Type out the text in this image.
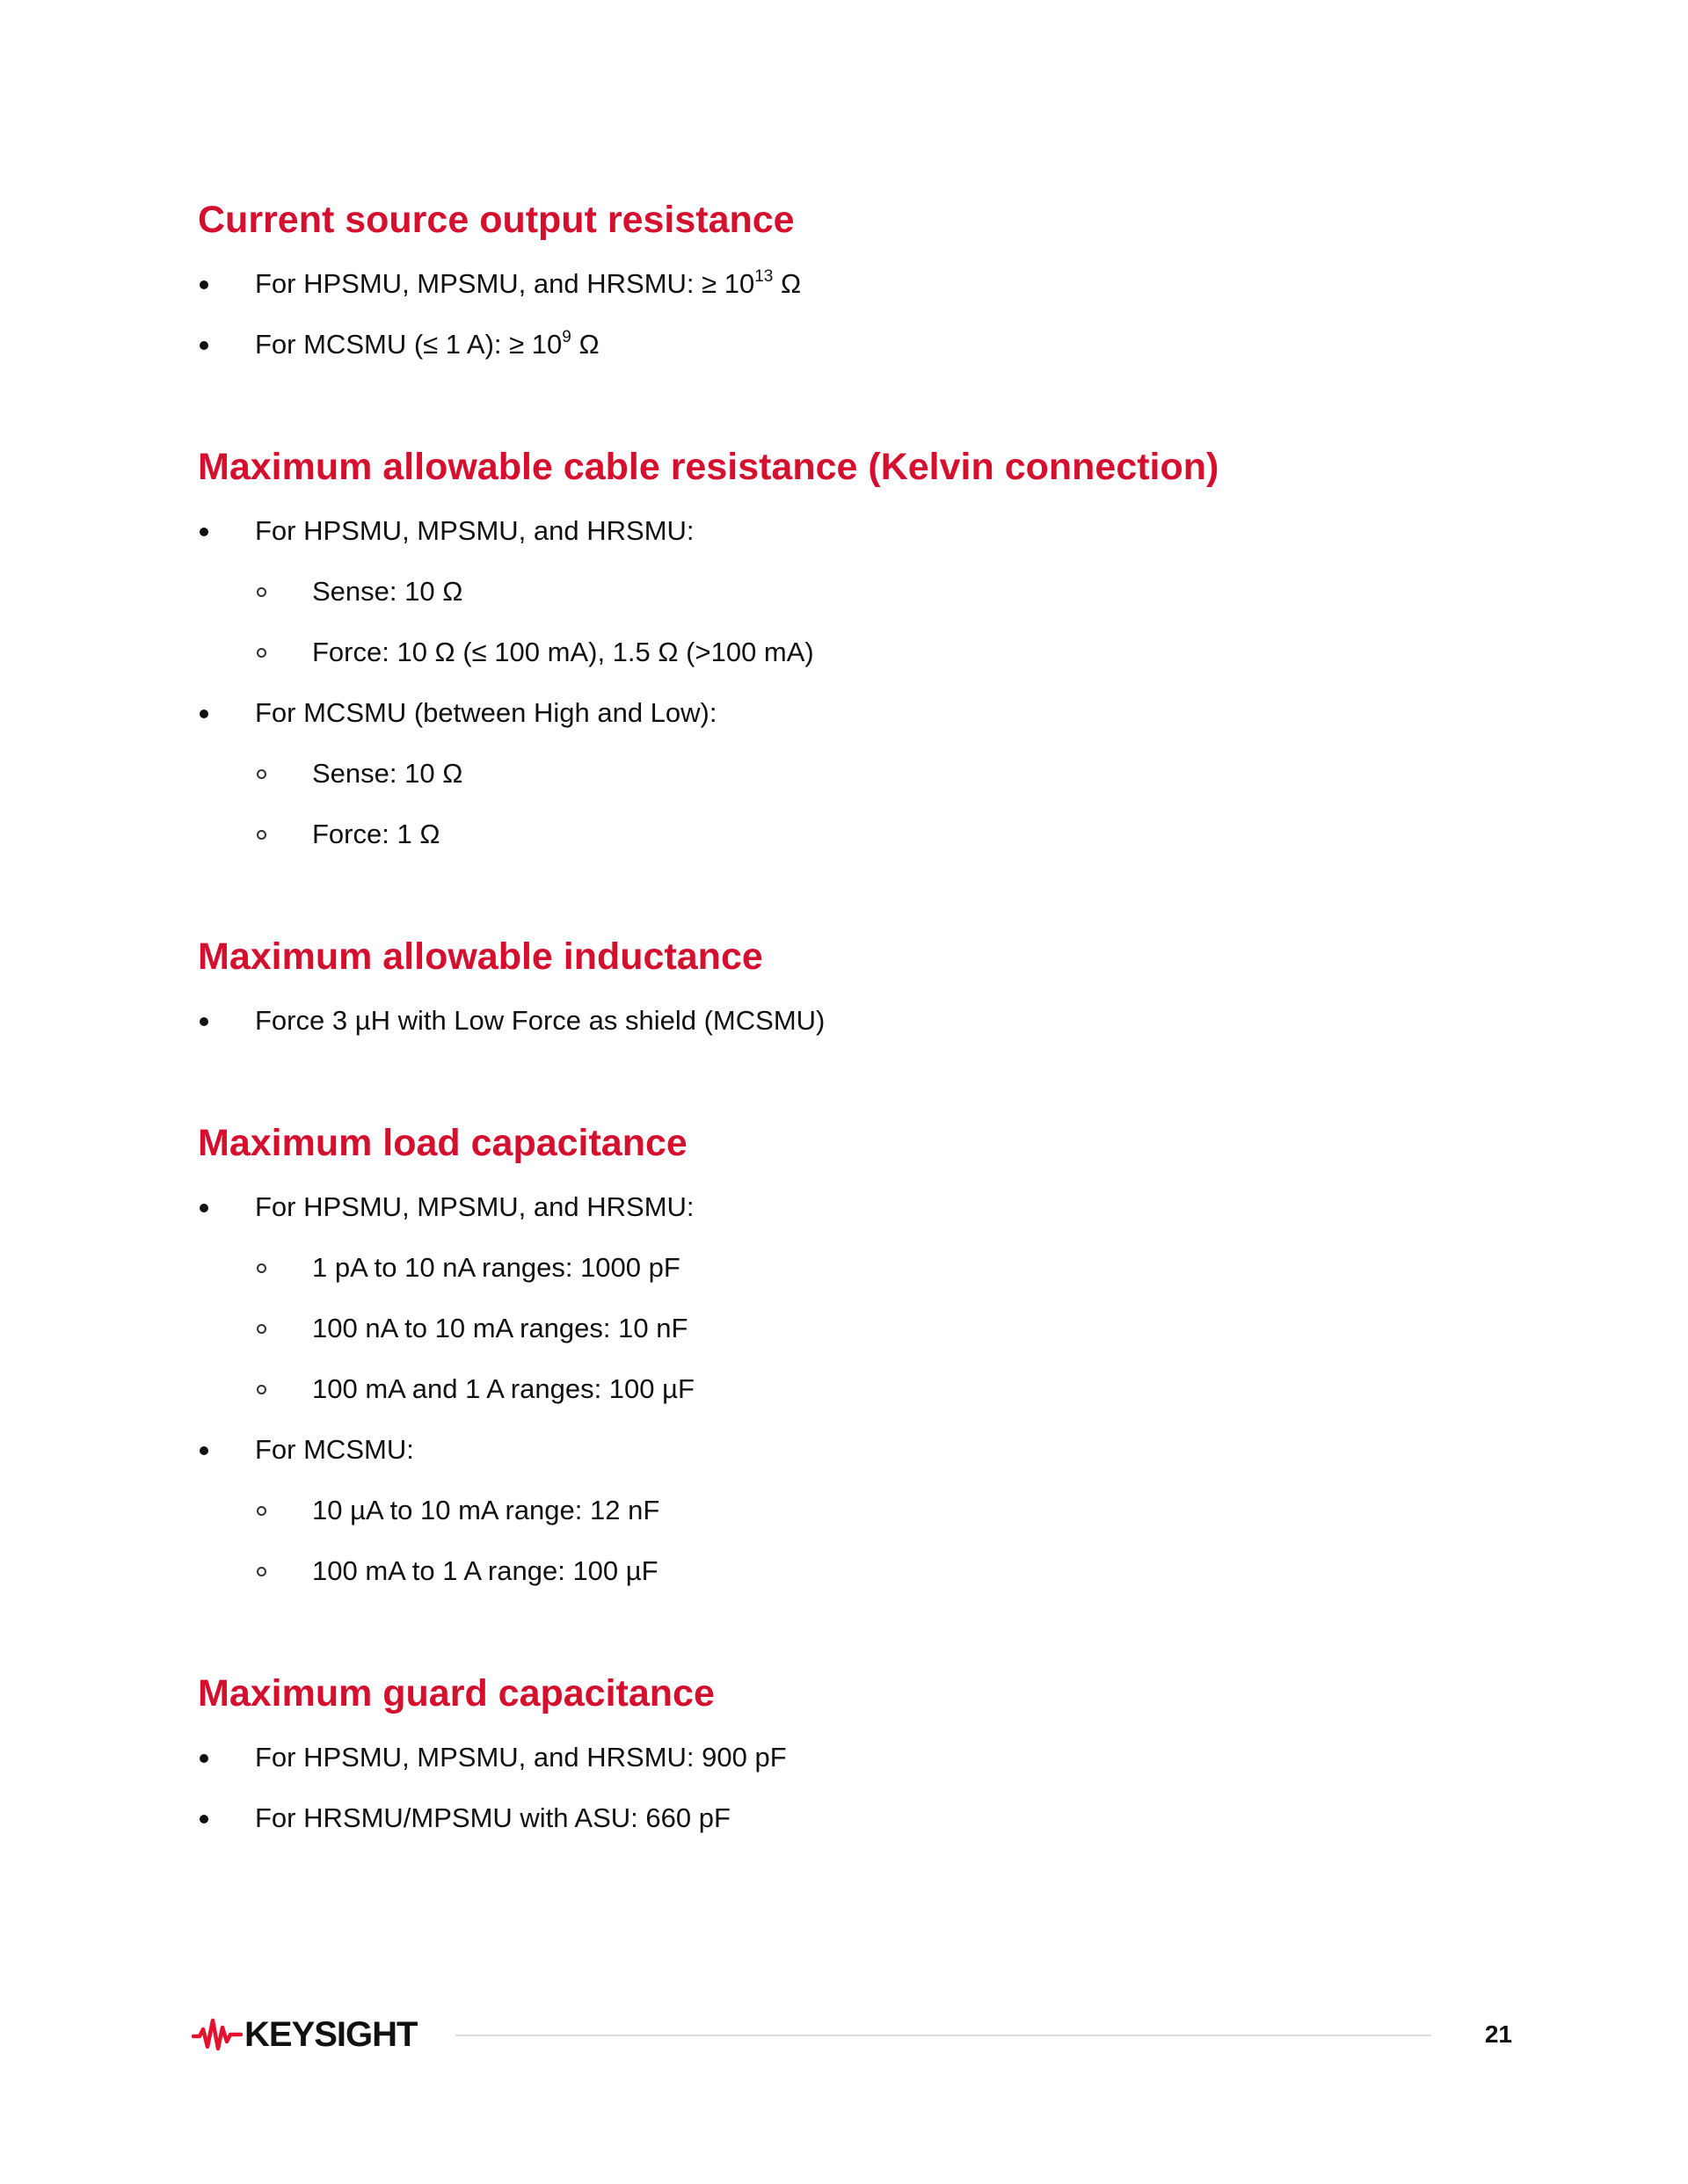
Current source output resistance
For HPSMU, MPSMU, and HRSMU: ≥ $10^{13}$ Ω
For MCSMU (≤ 1 A): ≥ $10^9$ Ω
Maximum allowable cable resistance (Kelvin connection)
For HPSMU, MPSMU, and HRSMU:
Sense: 10 Ω
Force: 10 Ω (≤ 100 mA), 1.5 Ω (>100 mA)
For MCSMU (between High and Low):
Sense: 10 Ω
Force: 1 Ω
Maximum allowable inductance
Force 3 µH with Low Force as shield (MCSMU)
Maximum load capacitance
For HPSMU, MPSMU, and HRSMU:
1 pA to 10 nA ranges: 1000 pF
100 nA to 10 mA ranges: 10 nF
100 mA and 1 A ranges: 100 µF
For MCSMU:
10 µA to 10 mA range: 12 nF
100 mA to 1 A range: 100 µF
Maximum guard capacitance
For HPSMU, MPSMU, and HRSMU: 900 pF
For HRSMU/MPSMU with ASU: 660 pF
KEYSIGHT	21
